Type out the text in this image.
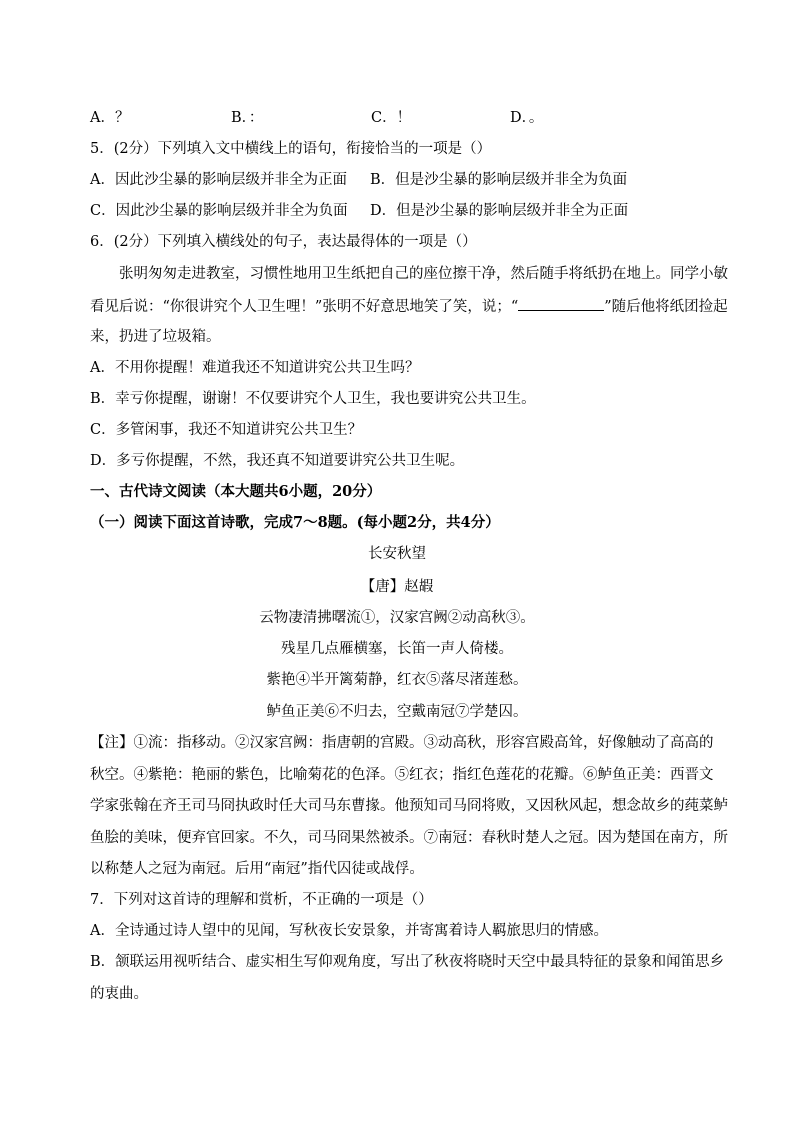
A．？	B．：	C．！	D．。
5．(2分）下列填入文中横线上的语句，衔接恰当的一项是（）
A．因此沙尘暴的影响层级并非全为正面 B．但是沙尘暴的影响层级并非全为负面
C．因此沙尘暴的影响层级并非全为负面 D．但是沙尘暴的影响层级并非全为正面
6．(2分）下列填入横线处的句子，表达最得体的一项是（）
张明匆匆走进教室，习惯性地用卫生纸把自己的座位擦干净，然后随手将纸扔在地上。同学小敏
看见后说：“你很讲究个人卫生哩！”张明不好意思地笑了笑，说；“	”随后他将纸团捡起
来，扔进了垃圾箱。
A．不用你提醒！难道我还不知道讲究公共卫生吗？
B．幸亏你提醒，谢谢！不仅要讲究个人卫生，我也要讲究公共卫生。
C．多管闲事，我还不知道讲究公共卫生？
D．多亏你提醒，不然，我还真不知道要讲究公共卫生呢。
一、古代诗文阅读（本大题共6小题，20分）
（一）阅读下面这首诗歌，完成7～8题。(每小题2分，共4分）
长安秋望
【唐】赵嘏
云物凄清拂曙流①，汉家宫阙②动高秋③。
残星几点雁横塞，长笛一声人倚楼。
紫艳④半开篱菊静，红衣⑤落尽渚莲愁。
鲈鱼正美⑥不归去，空戴南冠⑦学楚囚。
【注】①流：指移动。②汉家宫阙：指唐朝的宫殿。③动高秋，形容宫殿高耸，好像触动了高高的
秋空。④紫艳：艳丽的紫色，比喻菊花的色泽。⑤红衣；指红色莲花的花瓣。⑥鲈鱼正美：西晋文
学家张翰在齐王司马冏执政时任大司马东曹掾。他预知司马冏将败，又因秋风起，想念故乡的莼菜鲈
鱼脍的美味，便弃官回家。不久，司马冏果然被杀。⑦南冠：春秋时楚人之冠。因为楚国在南方，所
以称楚人之冠为南冠。后用“南冠”指代囚徒或战俘。
7．下列对这首诗的理解和赏析，不正确的一项是（）
A．全诗通过诗人望中的见闻，写秋夜长安景象，并寄寓着诗人羁旅思归的情感。
B．颔联运用视听结合、虚实相生写仰观角度，写出了秋夜将晓时天空中最具特征的景象和闻笛思乡
的衷曲。
